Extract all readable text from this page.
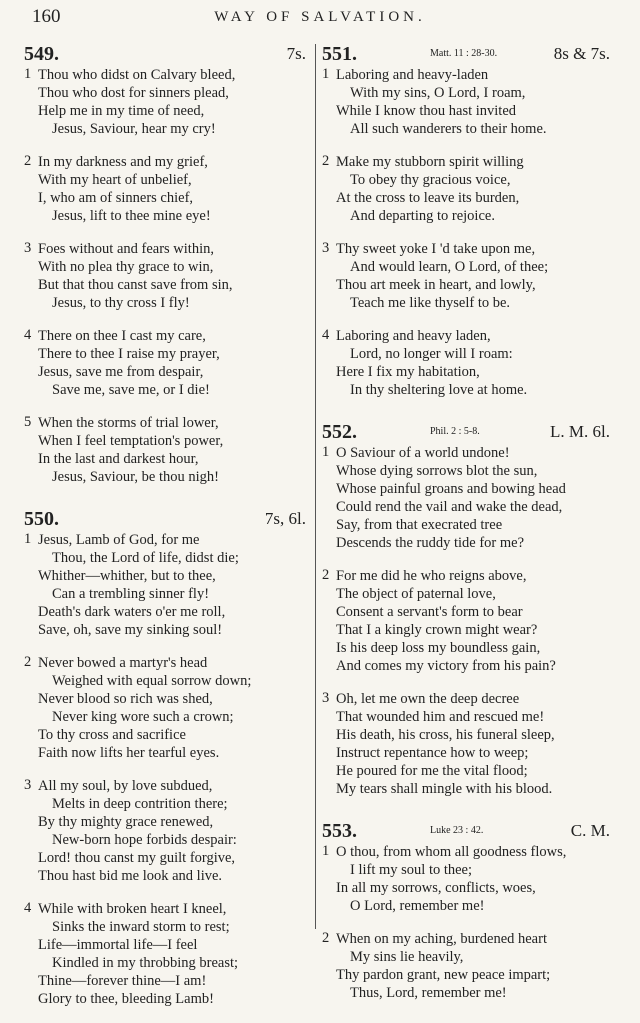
160	WAY OF SALVATION.
549.	7s.
1 Thou who didst on Calvary bleed,
Thou who dost for sinners plead,
Help me in my time of need,
Jesus, Saviour, hear my cry!
2 In my darkness and my grief,
With my heart of unbelief,
I, who am of sinners chief,
Jesus, lift to thee mine eye!
3 Foes without and fears within,
With no plea thy grace to win,
But that thou canst save from sin,
Jesus, to thy cross I fly!
4 There on thee I cast my care,
There to thee I raise my prayer,
Jesus, save me from despair,
Save me, save me, or I die!
5 When the storms of trial lower,
When I feel temptation's power,
In the last and darkest hour,
Jesus, Saviour, be thou nigh!
550.	7s, 6l.
1 Jesus, Lamb of God, for me
Thou, the Lord of life, didst die;
Whither—whither, but to thee,
Can a trembling sinner fly!
Death's dark waters o'er me roll,
Save, oh, save my sinking soul!
2 Never bowed a martyr's head
Weighed with equal sorrow down;
Never blood so rich was shed,
Never king wore such a crown;
To thy cross and sacrifice
Faith now lifts her tearful eyes.
3 All my soul, by love subdued,
Melts in deep contrition there;
By thy mighty grace renewed,
New-born hope forbids despair:
Lord! thou canst my guilt forgive,
Thou hast bid me look and live.
4 While with broken heart I kneel,
Sinks the inward storm to rest;
Life—immortal life—I feel
Kindled in my throbbing breast;
Thine—forever thine—I am!
Glory to thee, bleeding Lamb!
551.	Matt. 11 : 28-30.	8s & 7s.
1 Laboring and heavy-laden
With my sins, O Lord, I roam,
While I know thou hast invited
All such wanderers to their home.
2 Make my stubborn spirit willing
To obey thy gracious voice,
At the cross to leave its burden,
And departing to rejoice.
3 Thy sweet yoke I 'd take upon me,
And would learn, O Lord, of thee;
Thou art meek in heart, and lowly,
Teach me like thyself to be.
4 Laboring and heavy laden,
Lord, no longer will I roam:
Here I fix my habitation,
In thy sheltering love at home.
552.	Phil. 2 : 5-8.	L. M. 6l.
1 O Saviour of a world undone!
Whose dying sorrows blot the sun,
Whose painful groans and bowing head
Could rend the vail and wake the dead,
Say, from that execrated tree
Descends the ruddy tide for me?
2 For me did he who reigns above,
The object of paternal love,
Consent a servant's form to bear
That I a kingly crown might wear?
Is his deep loss my boundless gain,
And comes my victory from his pain?
3 Oh, let me own the deep decree
That wounded him and rescued me!
His death, his cross, his funeral sleep,
Instruct repentance how to weep;
He poured for me the vital flood;
My tears shall mingle with his blood.
553.	Luke 23 : 42.	C. M.
1 O thou, from whom all goodness flows,
I lift my soul to thee;
In all my sorrows, conflicts, woes,
O Lord, remember me!
2 When on my aching, burdened heart
My sins lie heavily,
Thy pardon grant, new peace impart;
Thus, Lord, remember me!
